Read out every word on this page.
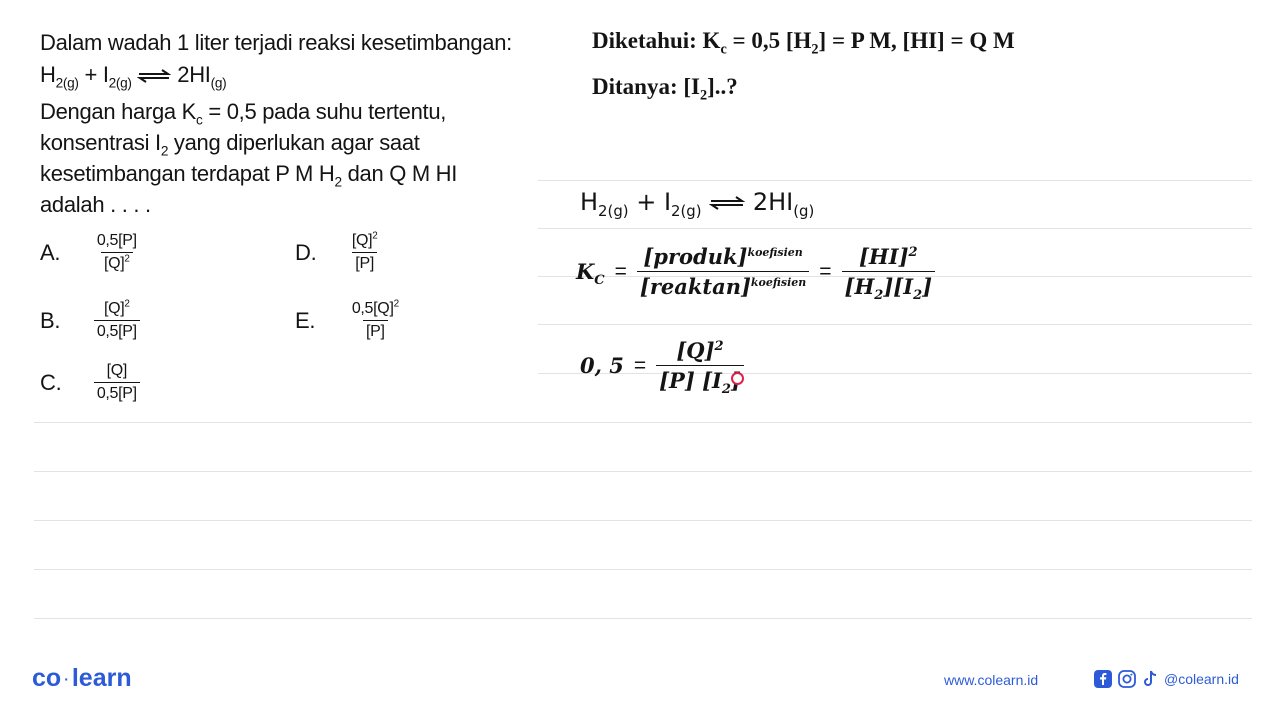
Dalam wadah 1 liter terjadi reaksi kesetimbangan:
$H_{2(g)} + I_{2(g)}$ ⇌ $2HI_{(g)}$
Dengan harga $K_c = 0,5$ pada suhu tertentu,
konsentrasi $I_2$ yang diperlukan agar saat
kesetimbangan terdapat P M $H_2$ dan Q M HI
adalah . . . .
A. $\frac{0,5[P]}{[Q]^2}$
B. $\frac{[Q]^2}{0,5[P]}$
C. $\frac{[Q]}{0,5[P]}$
D. $\frac{[Q]^2}{[P]}$
E. $\frac{0,5[Q]^2}{[P]}$
Diketahui: $K_c = 0,5$ $[H_2] = P$ M, [HI] = Q M
Ditanya: $[I_2]$..?
$H_{2(g)} + I_{2(g)}$ ⇌ $2HI_{(g)}$
$K_C = \frac{[produk]^{koefisien}}{[reaktan]^{koefisien}} = \frac{[HI]^2}{[H_2][I_2]}$
0, $5 = \frac{[Q]^2}{[P] [I_2}$
co · learn	www.colearn.id	@colearn.id
